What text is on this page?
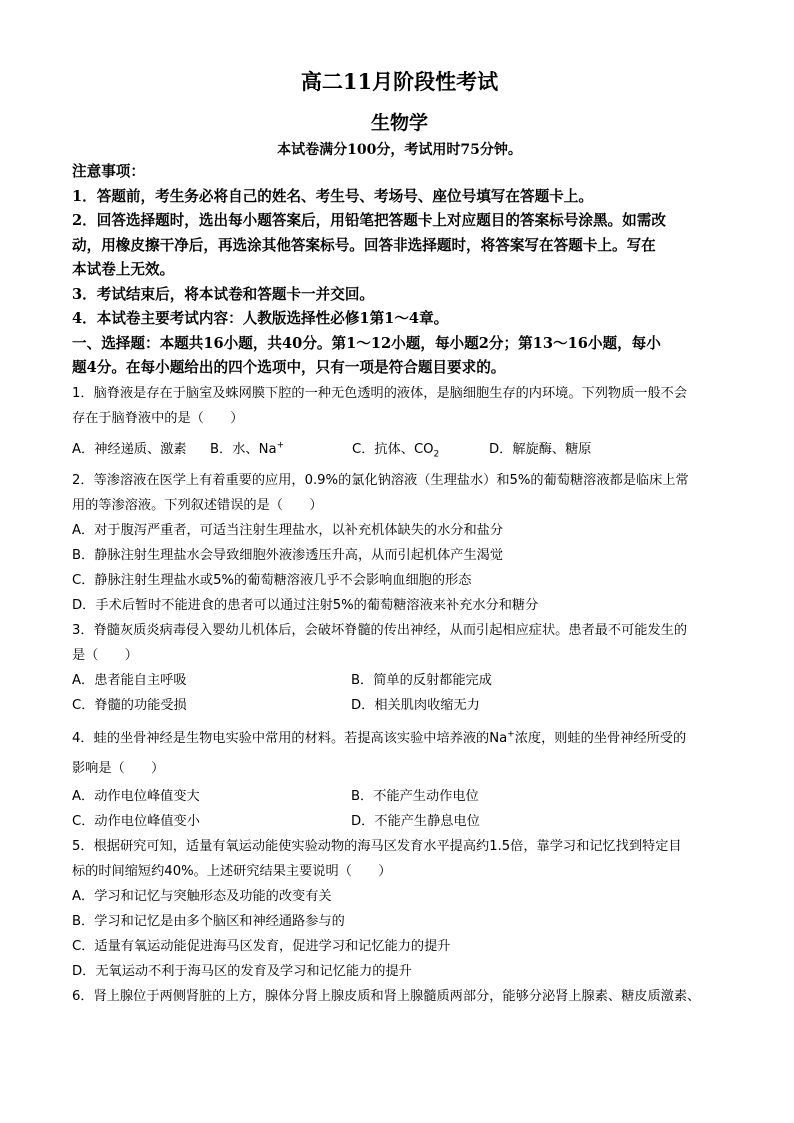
高二11月阶段性考试
生物学
本试卷满分100分，考试用时75分钟。
注意事项：
1．答题前，考生务必将自己的姓名、考生号、考场号、座位号填写在答题卡上。
2．回答选择题时，选出每小题答案后，用铅笔把答题卡上对应题目的答案标号涂黑。如需改
动，用橡皮擦干净后，再选涂其他答案标号。回答非选择题时，将答案写在答题卡上。写在
本试卷上无效。
3．考试结束后，将本试卷和答题卡一并交回。
4．本试卷主要考试内容：人教版选择性必修1第1～4章。
一、选择题：本题共16小题，共40分。第1～12小题，每小题2分；第13～16小题，每小
题4分。在每小题给出的四个选项中，只有一项是符合题目要求的。
1．脑脊液是存在于脑室及蛛网膜下腔的一种无色透明的液体，是脑细胞生存的内环境。下列物质一般不会
存在于脑脊液中的是（　　）
A．神经递质、激素	B．水、Na+	C．抗体、$CO_2$	D．解旋酶、糖原
2．等渗溶液在医学上有着重要的应用，0.9%的氯化钠溶液（生理盐水）和5%的葡萄糖溶液都是临床上常
用的等渗溶液。下列叙述错误的是（　　）
A．对于腹泻严重者，可适当注射生理盐水，以补充机体缺失的水分和盐分
B．静脉注射生理盐水会导致细胞外液渗透压升高，从而引起机体产生渴觉
C．静脉注射生理盐水或5%的葡萄糖溶液几乎不会影响血细胞的形态
D．手术后暂时不能进食的患者可以通过注射5%的葡萄糖溶液来补充水分和糖分
3．脊髓灰质炎病毒侵入婴幼儿机体后，会破坏脊髓的传出神经，从而引起相应症状。患者最不可能发生的
是（　　）
A．患者能自主呼吸	B．简单的反射都能完成
C．脊髓的功能受损	D．相关肌肉收缩无力
4．蛙的坐骨神经是生物电实验中常用的材料。若提高该实验中培养液的Na+浓度，则蛙的坐骨神经所受的
影响是（　　）
A．动作电位峰值变大	B．不能产生动作电位
C．动作电位峰值变小	D．不能产生静息电位
5．根据研究可知，适量有氧运动能使实验动物的海马区发育水平提高约1.5倍，靠学习和记忆找到特定目
标的时间缩短约40%。上述研究结果主要说明（　　）
A．学习和记忆与突触形态及功能的改变有关
B．学习和记忆是由多个脑区和神经通路参与的
C．适量有氧运动能促进海马区发育，促进学习和记忆能力的提升
D．无氧运动不利于海马区的发育及学习和记忆能力的提升
6．肾上腺位于两侧肾脏的上方，腺体分肾上腺皮质和肾上腺髓质两部分，能够分泌肾上腺素、糖皮质激素、
